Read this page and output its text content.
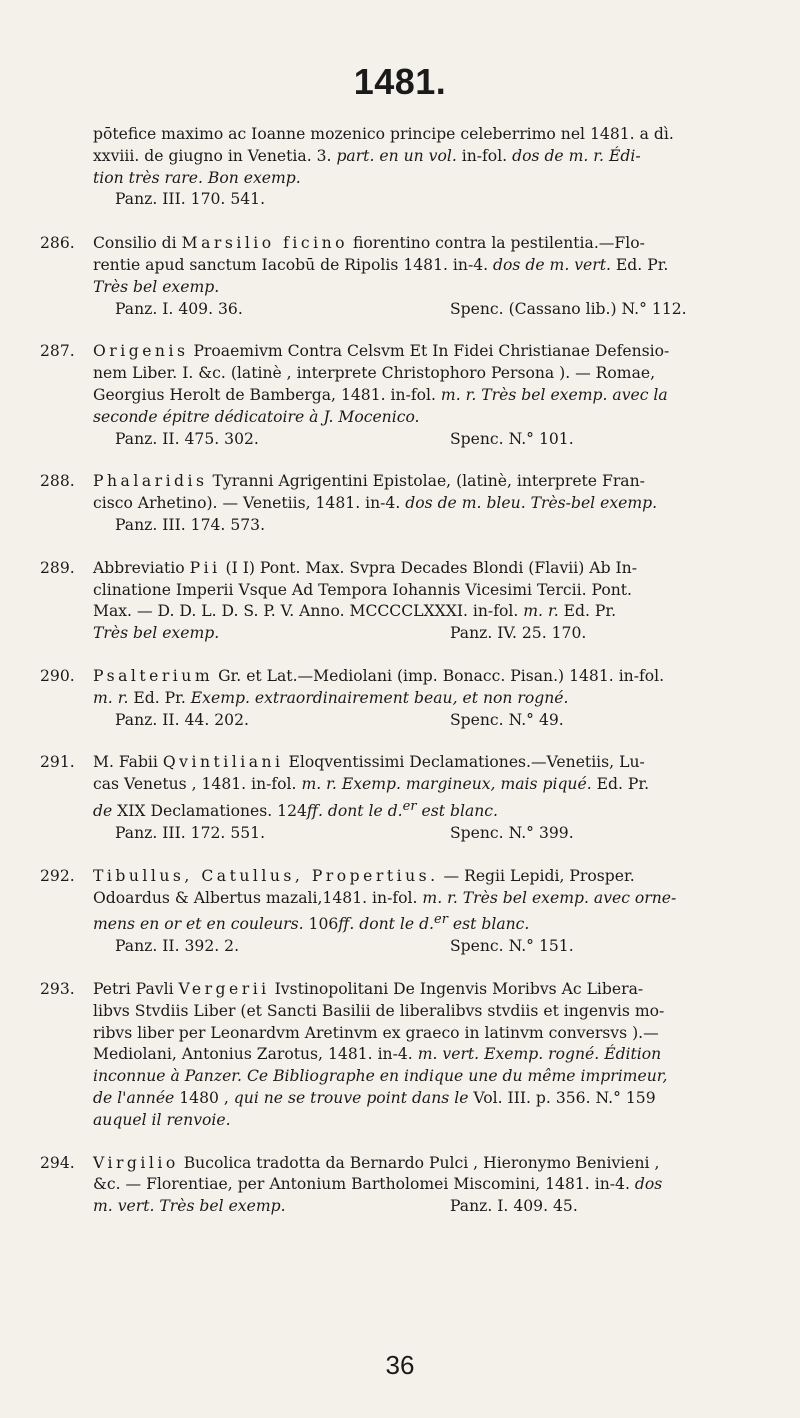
1481.
pōtefice maximo ac Ioanne mozenico principe celeberrimo nel 1481. a dì.
xxviii. de giugno in Venetia. 3. part. en un vol. in-fol. dos de m. r. Édi-
tion très rare. Bon exemp.
Panz. III. 170. 541.
286.	Consilio di Marsilio ficino fiorentino contra la pestilentia.—Flo-
rentie apud sanctum Iacobū de Ripolis 1481. in-4. dos de m. vert. Ed. Pr.
Très bel exemp.
Panz. I. 409. 36.	Spenc. (Cassano lib.) N.° 112.
287.	Origenis Proaemivm Contra Celsvm Et In Fidei Christianae Defensio-
nem Liber. I. &c. (latinè , interprete Christophoro Persona ). — Romae,
Georgius Herolt de Bamberga, 1481. in-fol. m. r. Très bel exemp. avec la
seconde épitre dédicatoire à J. Mocenico.
Panz. II. 475. 302.	Spenc. N.° 101.
288.	Phalaridis Tyranni Agrigentini Epistolae, (latinè, interprete Fran-
cisco Arhetino). — Venetiis, 1481. in-4. dos de m. bleu. Très-bel exemp.
Panz. III. 174. 573.
289.	Abbreviatio Pii (I I) Pont. Max. Svpra Decades Blondi (Flavii) Ab In-
clinatione Imperii Vsque Ad Tempora Iohannis Vicesimi Tercii. Pont.
Max. — D. D. L. D. S. P. V. Anno. MCCCCLXXXI. in-fol. m. r. Ed. Pr.
Très bel exemp.	Panz. IV. 25. 170.
290.	Psalterium Gr. et Lat.—Mediolani (imp. Bonacc. Pisan.) 1481. in-fol.
m. r. Ed. Pr. Exemp. extraordinairement beau, et non rogné.
Panz. II. 44. 202.	Spenc. N.° 49.
291.	M. Fabii Qvintiliani Eloqventissimi Declamationes.—Venetiis, Lu-
cas Venetus , 1481. in-fol. m. r. Exemp. margineux, mais piqué. Ed. Pr.
de XIX Declamationes. 124ff. dont le d.$^{er}$ est blanc.
Panz. III. 172. 551.	Spenc. N.° 399.
292.	Tibullus, Catullus, Propertius. — Regii Lepidi, Prosper.
Odoardus & Albertus mazali,1481. in-fol. m. r. Très bel exemp. avec orne-
mens en or et en couleurs. 106ff. dont le d.$^{er}$ est blanc.
Panz. II. 392. 2.	Spenc. N.° 151.
293.	Petri Pavli Vergerii Ivstinopolitani De Ingenvis Moribvs Ac Libera-
libvs Stvdiis Liber (et Sancti Basilii de liberalibvs stvdiis et ingenvis mo-
ribvs liber per Leonardvm Aretinvm ex graeco in latinvm conversvs ).—
Mediolani, Antonius Zarotus, 1481. in-4. m. vert. Exemp. rogné. Édition
inconnue à Panzer. Ce Bibliographe en indique une du même imprimeur,
de l'année 1480 , qui ne se trouve point dans le Vol. III. p. 356. N.° 159
auquel il renvoie.
294.	Virgilio Bucolica tradotta da Bernardo Pulci , Hieronymo Benivieni ,
&c. — Florentiae, per Antonium Bartholomei Miscomini, 1481. in-4. dos
m. vert. Très bel exemp.	Panz. I. 409. 45.
36
